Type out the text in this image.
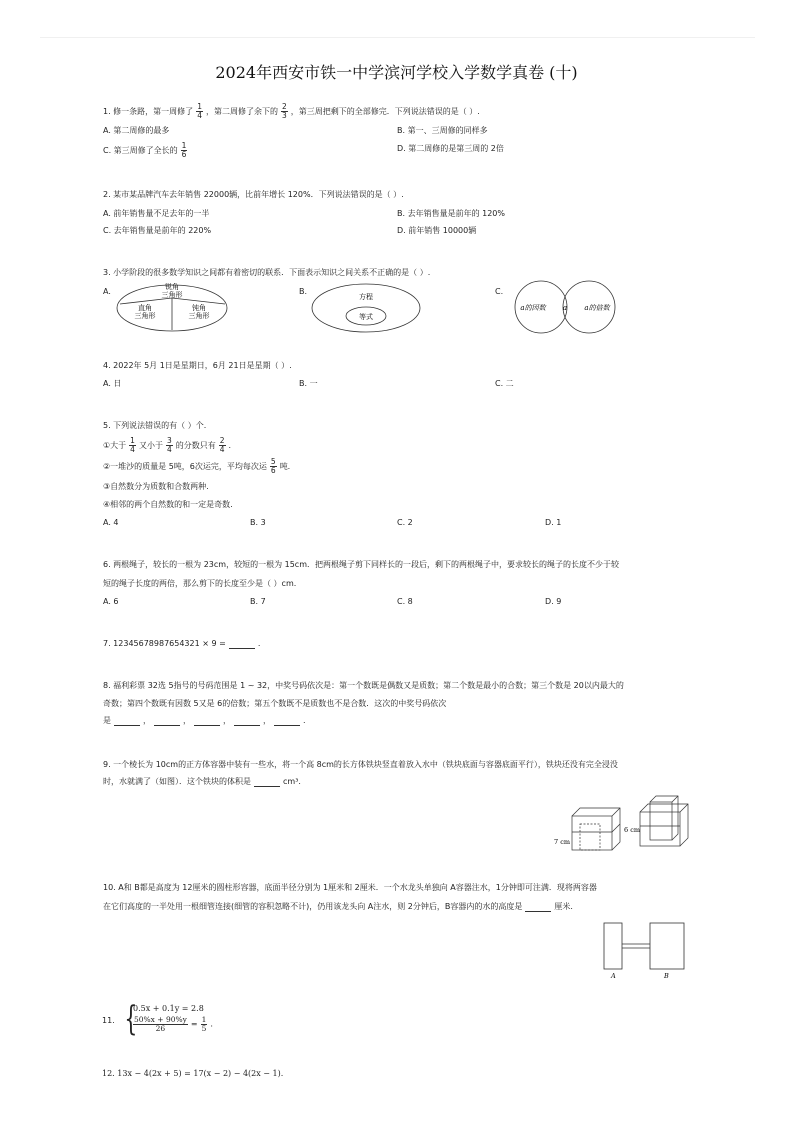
2024年西安市铁一中学滨河学校入学数学真卷 (十)
1. 修一条路，第一周修了 $\frac{1}{4}$ ，第二周修了余下的 $\frac{2}{3}$ ，第三周把剩下的全部修完．下列说法错误的是（ ）.
A. 第二周修的最多	B. 第一、三周修的同样多
C. 第三周修了全长的 $\frac{1}{6}$	D. 第二周修的是第三周的 2倍
2. 某市某品牌汽车去年销售 22000辆，比前年增长 120%．下列说法错误的是（ ）.
A. 前年销售量不足去年的一半	B. 去年销售量是前年的 120%
C. 去年销售量是前年的 220%	D. 前年销售 10000辆
3. 小学阶段的很多数学知识之间都有着密切的联系．下面表示知识之间关系不正确的是（ ）.
A.	B.	C.
锐角
三角形
直角
三角形
钝角
三角形
方程
等式
a的因数 a a的倍数
4. 2022年 5月 1日是星期日，6月 21日是星期（ ）.
A. 日	B. 一	C. 二
5. 下列说法错误的有（ ）个.
①大于 $\frac{1}{4}$ 又小于 $\frac{3}{4}$ 的分数只有 $\frac{2}{4}$ .
②一堆沙的质量是 5吨，6次运完，平均每次运 $\frac{5}{6}$ 吨.
③自然数分为质数和合数两种.
④相邻的两个自然数的和一定是奇数.
A. 4	B. 3	C. 2	D. 1
6. 两根绳子，较长的一根为 23cm，较短的一根为 15cm．把两根绳子剪下同样长的一段后，剩下的两根绳子中，要求较长的绳子的长度不少于较
短的绳子长度的两倍，那么剪下的长度至少是（ ）cm.
A. 6	B. 7	C. 8	D. 9
7. 12345678987654321 × 9 =	.
8. 福利彩票 32选 5指号的号码范围是 1 ~ 32，中奖号码依次是：第一个数既是偶数又是质数；第二个数是最小的合数；第三个数是 20以内最大的
奇数；第四个数既有因数 5又是 6的倍数；第五个数既不是质数也不是合数．这次的中奖号码依次
是	，	，	，	，	.
9. 一个棱长为 10cm的正方体容器中装有一些水，将一个高 8cm的长方体铁块竖直着放入水中（铁块底面与容器底面平行），铁块还没有完全浸没
时，水就满了（如图）．这个铁块的体积是	cm³.
7 cm
6 cm
10. A和 B都是高度为 12厘米的圆柱形容器，底面半径分别为 1厘米和 2厘米．一个水龙头单独向 A容器注水，1分钟即可注满．现将两容器
在它们高度的一半处用一根细管连接(细管的容积忽略不计)，仍用该龙头向 A注水，则 2分钟后，B容器内的水的高度是	厘米.
A	B
11. {
0.5x + 0.1y = 2.8
$\frac{50\%x + 90\%y}{26} = \frac{1}{5}$ .
12. 13x − 4(2x + 5) = 17(x − 2) − 4(2x − 1).
